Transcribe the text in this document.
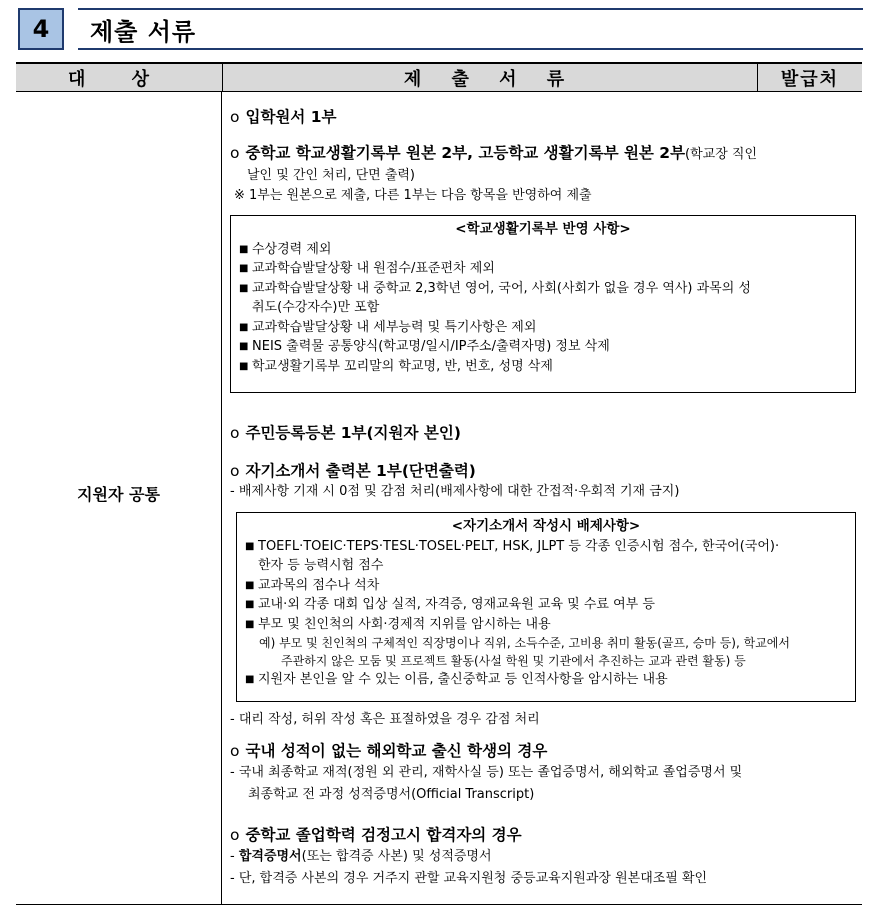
4	제출 서류
대 상	제 출 서 류	발급처
지원자 공통
o 입학원서 1부
o 중학교 학교생활기록부 원본 2부, 고등학교 생활기록부 원본 2부(학교장 직인
날인 및 간인 처리, 단면 출력)
※ 1부는 원본으로 제출, 다른 1부는 다음 항목을 반영하여 제출
<학교생활기록부 반영 사항>
■ 수상경력 제외
■ 교과학습발달상황 내 원점수/표준편차 제외
■ 교과학습발달상황 내 중학교 2,3학년 영어, 국어, 사회(사회가 없을 경우 역사) 과목의 성
취도(수강자수)만 포함
■ 교과학습발달상황 내 세부능력 및 특기사항은 제외
■ NEIS 출력물 공통양식(학교명/일시/IP주소/출력자명) 정보 삭제
■ 학교생활기록부 꼬리말의 학교명, 반, 번호, 성명 삭제
o 주민등록등본 1부(지원자 본인)
o 자기소개서 출력본 1부(단면출력)
- 배제사항 기재 시 0점 및 감점 처리(배제사항에 대한 간접적·우회적 기재 금지)
<자기소개서 작성시 배제사항>
■ TOEFL·TOEIC·TEPS·TESL·TOSEL·PELT, HSK, JLPT 등 각종 인증시험 점수, 한국어(국어)·
한자 등 능력시험 점수
■ 교과목의 점수나 석차
■ 교내·외 각종 대회 입상 실적, 자격증, 영재교육원 교육 및 수료 여부 등
■ 부모 및 친인척의 사회·경제적 지위를 암시하는 내용
예) 부모 및 친인척의 구체적인 직장명이나 직위, 소득수준, 고비용 취미 활동(골프, 승마 등), 학교에서
주관하지 않은 모둠 및 프로젝트 활동(사설 학원 및 기관에서 추진하는 교과 관련 활동) 등
■ 지원자 본인을 알 수 있는 이름, 출신중학교 등 인적사항을 암시하는 내용
- 대리 작성, 허위 작성 혹은 표절하였을 경우 감점 처리
o 국내 성적이 없는 해외학교 출신 학생의 경우
- 국내 최종학교 재적(정원 외 관리, 재학사실 등) 또는 졸업증명서, 해외학교 졸업증명서 및
최종학교 전 과정 성적증명서(Official Transcript)
o 중학교 졸업학력 검정고시 합격자의 경우
- 합격증명서(또는 합격증 사본) 및 성적증명서
- 단, 합격증 사본의 경우 거주지 관할 교육지원청 중등교육지원과장 원본대조필 확인
